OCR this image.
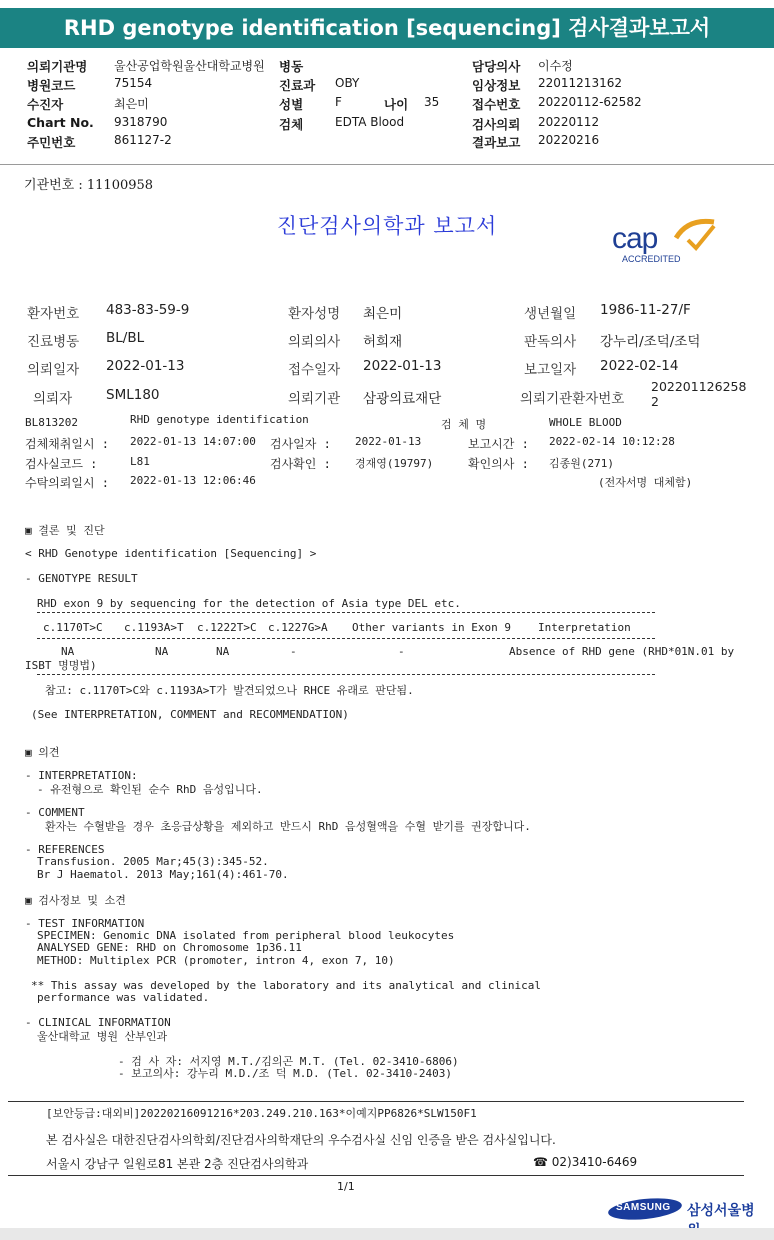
RHD genotype identification [sequencing] 검사결과보고서
의뢰기관명 울산공업학원울산대학교병원
병원코드	75154
수진자	최은미
Chart No. 9318790
주민번호	861127-2
병동
진료과 OBY
성별	F	나이 35
검체	EDTA Blood
담당의사 이수정
임상정보 22011213162
접수번호 20220112-62582
검사의뢰 20220112
결과보고 20220216
기관번호 : 11100958
진단검사의학과 보고서	cap
ACCREDITED
환자번호 483-83-59-9	환자성명 최은미	생년월일 1986-11-27/F
진료병동 BL/BL	의뢰의사 허희재	판독의사 강누리/조덕/조덕
의뢰일자 2022-01-13	접수일자 2022-01-13	보고일자 2022-02-14
의뢰자	SML180	의뢰기관 삼광의료재단	의뢰기관환자번호
202201126258
2
BL813202	RHD genotype identification	검 체 명	WHOLE BLOOD
검체채취일시 : 2022-01-13 14:07:00 검사일자 : 2022-01-13	보고시간 : 2022-02-14 10:12:28
검사실코드 :	L81	검사확인 : 경재영(19797)	확인의사 : 김종원(271)
수탁의뢰일시 : 2022-01-13 12:06:46	(전자서명 대체함)
▣ 결론 및 진단
< RHD Genotype identification [Sequencing] >
- GENOTYPE RESULT
RHD exon 9 by sequencing for the detection of Asia type DEL etc.
c.1170T>C c.1193A>T c.1222T>C c.1227G>A Other variants in Exon 9 Interpretation
NA	NA	NA	-	-	Absence of RHD gene (RHD*01N.01 by
ISBT 명명법)
참고: c.1170T>C와 c.1193A>T가 발견되었으나 RHCE 유래로 판단됨.
(See INTERPRETATION, COMMENT and RECOMMENDATION)
▣ 의견
- INTERPRETATION:
- 유전형으로 확인된 순수 RhD 음성입니다.
- COMMENT
환자는 수혈받을 경우 초응급상황을 제외하고 반드시 RhD 음성혈액을 수혈 받기를 권장합니다.
- REFERENCES
Transfusion. 2005 Mar;45(3):345-52.
Br J Haematol. 2013 May;161(4):461-70.
▣ 검사정보 및 소견
- TEST INFORMATION
SPECIMEN: Genomic DNA isolated from peripheral blood leukocytes
ANALYSED GENE: RHD on Chromosome 1p36.11
METHOD: Multiplex PCR (promoter, intron 4, exon 7, 10)
** This assay was developed by the laboratory and its analytical and clinical
performance was validated.
- CLINICAL INFORMATION
울산대학교 병원 산부인과
- 검 사 자: 서지영 M.T./김의곤 M.T. (Tel. 02-3410-6806)
- 보고의사: 강누리 M.D./조 덕 M.D. (Tel. 02-3410-2403)
[보안등급:대외비]20220216091216*203.249.210.163*이예지PP6826*SLW150F1
본 검사실은 대한진단검사의학회/진단검사의학재단의 우수검사실 신임 인증을 받은 검사실입니다.
서울시 강남구 일원로81 본관 2층 진단검사의학과	☎ 02)3410-6469
1/1
SAMSUNG 삼성서울병
